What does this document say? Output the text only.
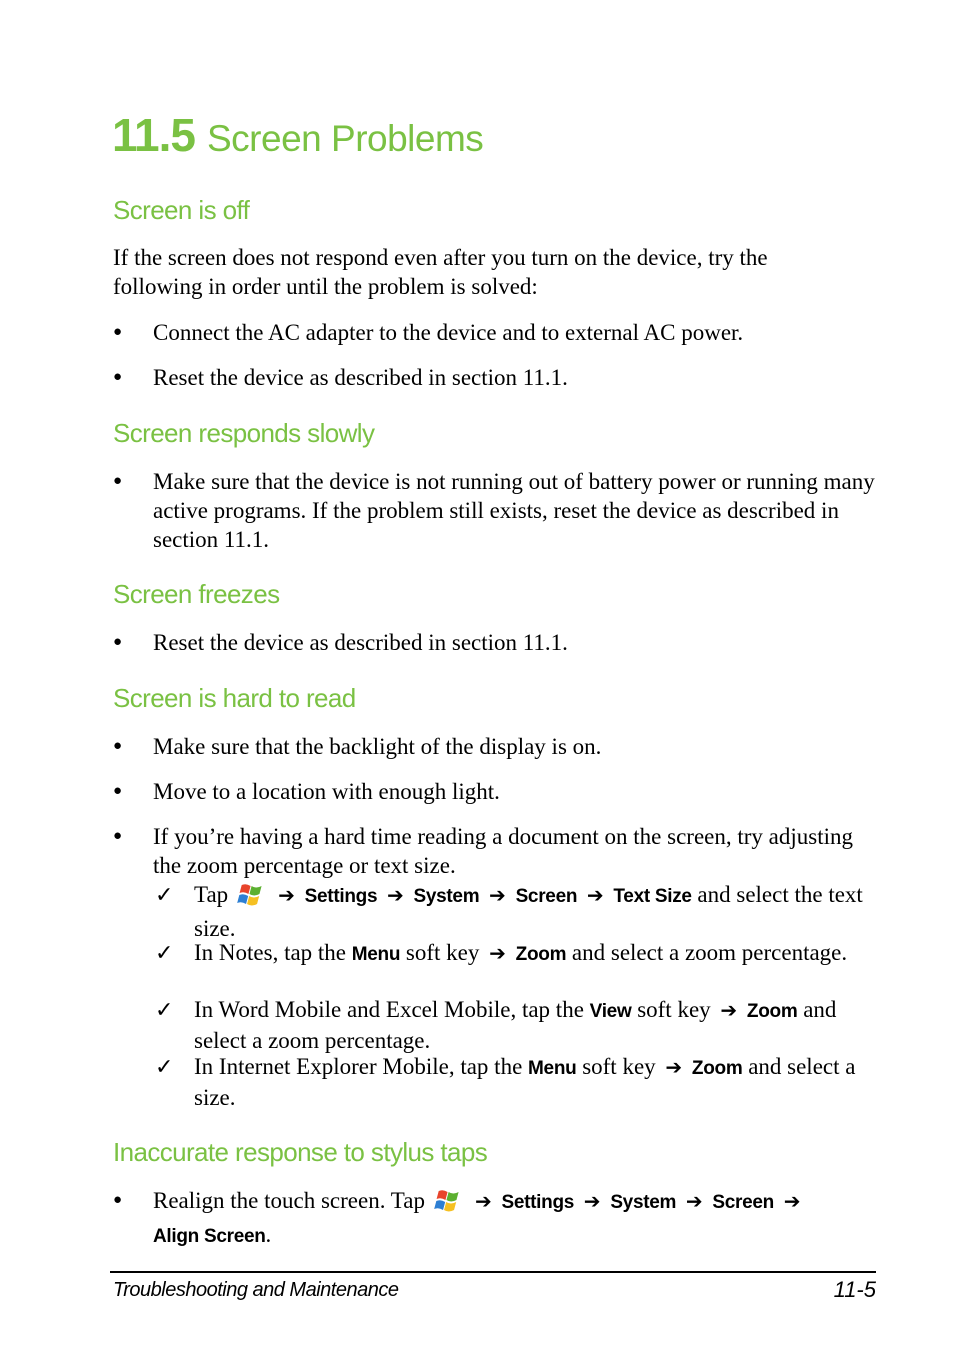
11.5 Screen Problems
Screen is off

If the screen does not respond even after you turn on the device, try the following in order until the problem is solved:

● Connect the AC adapter to the device and to external AC power.

● Reset the device as described in section 11.1.

Screen responds slowly
● Make sure that the device is not running out of battery power or running many active programs. If the problem still exists, reset the device as described in section 11.1.

Screen freezes
● Reset the device as described in section 11.1.

Screen is hard to read
● Make sure that the backlight of the display is on.

● Move to a location with enough light.

● If you’re having a hard time reading a document on the screen, try adjusting the zoom percentage or text size.

✓ Tap	➔ Settings ➔ System ➔ Screen ➔ Text Size and select the text size.

✓ In Notes, tap the Menu soft key ➔ Zoom and select a zoom percentage.

✓ In Word Mobile and Excel Mobile, tap the View soft key ➔ Zoom and select a zoom percentage.

✓ In Internet Explorer Mobile, tap the Menu soft key ➔ Zoom and select a size.

Inaccurate response to stylus taps
● Realign the touch screen. Tap	➔ Settings ➔ System ➔ Screen ➔
Align Screen.

Troubleshooting and Maintenance	11-5
